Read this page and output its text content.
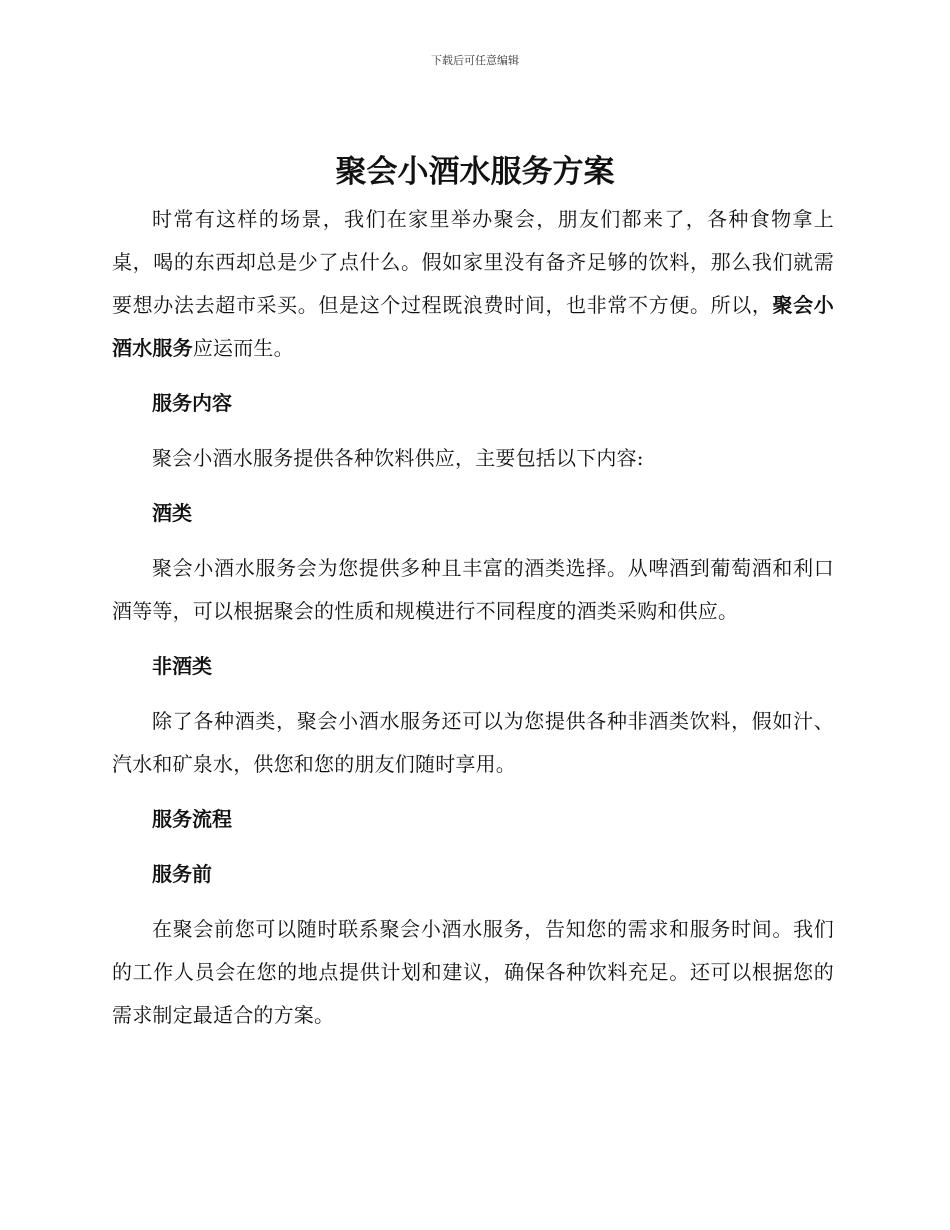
下载后可任意编辑
聚会小酒水服务方案

时常有这样的场景，我们在家里举办聚会，朋友们都来了，各种食物拿上桌，喝的东西却总是少了点什么。假如家里没有备齐足够的饮料，那么我们就需要想办法去超市采买。但是这个过程既浪费时间，也非常不方便。所以，聚会小酒水服务应运而生。

服务内容

聚会小酒水服务提供各种饮料供应，主要包括以下内容:

酒类

聚会小酒水服务会为您提供多种且丰富的酒类选择。从啤酒到葡萄酒和利口酒等等，可以根据聚会的性质和规模进行不同程度的酒类采购和供应。

非酒类

除了各种酒类，聚会小酒水服务还可以为您提供各种非酒类饮料，假如汁、汽水和矿泉水，供您和您的朋友们随时享用。

服务流程
服务前

在聚会前您可以随时联系聚会小酒水服务，告知您的需求和服务时间。我们的工作人员会在您的地点提供计划和建议，确保各种饮料充足。还可以根据您的需求制定最适合的方案。
